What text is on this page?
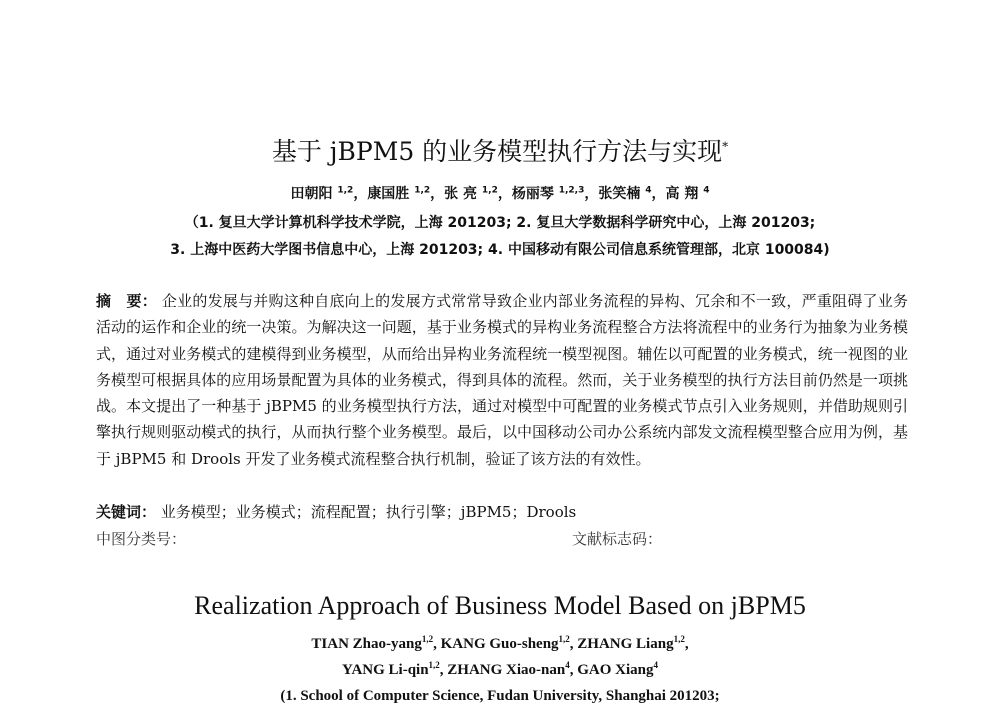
基于 jBPM5 的业务模型执行方法与实现*
田朝阳 $^{1,2}$，康国胜 $^{1,2}$，张 亮 $^{1,2}$，杨丽琴 $^{1,2,3}$，张笑楠 $^4$，高 翔 $^4$
（1. 复旦大学计算机科学技术学院，上海 201203; 2. 复旦大学数据科学研究中心，上海 201203;
3. 上海中医药大学图书信息中心，上海 201203; 4. 中国移动有限公司信息系统管理部，北京 100084)
摘　要： 企业的发展与并购这种自底向上的发展方式常常导致企业内部业务流程的异构、冗余和不一致，严重阻碍了业务活动的运作和企业的统一决策。为解决这一问题，基于业务模式的异构业务流程整合方法将流程中的业务行为抽象为业务模式，通过对业务模式的建模得到业务模型，从而给出异构业务流程统一模型视图。辅佐以可配置的业务模式，统一视图的业务模型可根据具体的应用场景配置为具体的业务模式，得到具体的流程。然而，关于业务模型的执行方法目前仍然是一项挑战。本文提出了一种基于 jBPM5 的业务模型执行方法，通过对模型中可配置的业务模式节点引入业务规则，并借助规则引擎执行规则驱动模式的执行，从而执行整个业务模型。最后，以中国移动公司办公系统内部发文流程模型整合应用为例，基于 jBPM5 和 Drools 开发了业务模式流程整合执行机制，验证了该方法的有效性。
关键词： 业务模型；业务模式；流程配置；执行引擎；jBPM5；Drools
中图分类号：	文献标志码：
Realization Approach of Business Model Based on jBPM5
TIAN Zhao-yang$^{1,2}$, KANG Guo-sheng$^{1,2}$, ZHANG Liang$^{1,2}$,
YANG Li-qin$^{1,2}$, ZHANG Xiao-nan$^4$, GAO Xiang$^4$
(1. School of Computer Science, Fudan University, Shanghai 201203;
